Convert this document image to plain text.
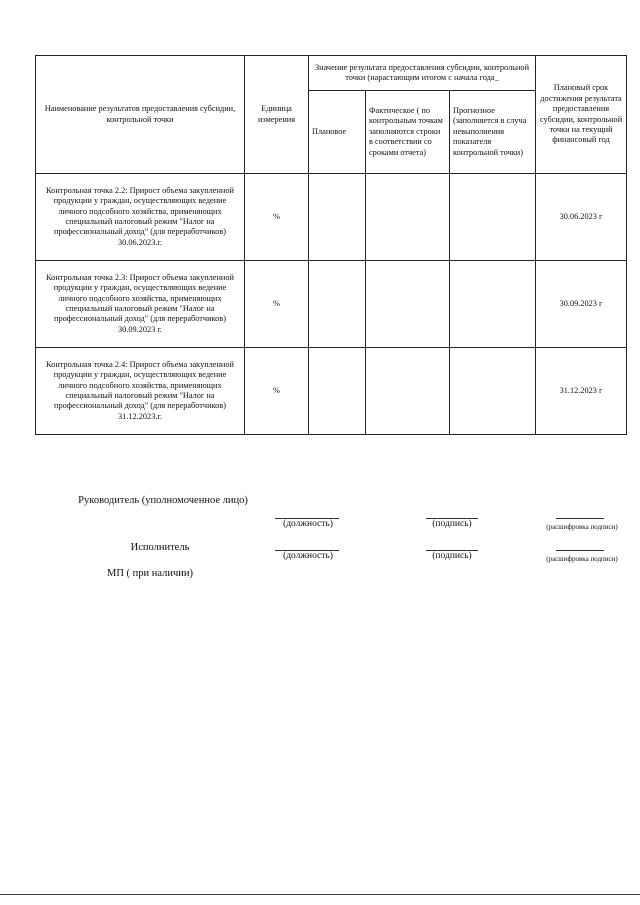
Наименование результатов предоставления субсидии, контрольной точки	Единица измерения	Значение результата предоставления субсидии, контрольной точки (нарастающим итогом с начала года_			Плановый срок достижения результата предоставления субсидии, контрольной точки на текущий финансовый год
		Плановое	Фактическое ( по контрольным точкам заполняются строки в соответствии со сроками отчета)	Прогнозное (заполняется в случа невыполнения показателя контрольной точки)	
Контрольная точка 2.2: Прирост объема закупленной продукции у граждан, осуществляющих ведение личного подсобного хозяйства, применяющих специальный налоговый режим "Налог на профессиональный доход" (для переработчиков) 30.06.2023.г.	%				30.06.2023 г
Контрольная точка 2.3: Прирост объема закупленной продукции у граждан, осуществляющих ведение личного подсобного хозяйства, применяющих специальный налоговый режим "Налог на профессиональный доход" (для переработчиков) 30.09.2023 г.	%				30.09.2023 г
Контрольная точка 2.4: Прирост объема закупленной продукции у граждан, осуществляющих ведение личного подсобного хозяйства, применяющих специальный налоговый режим "Налог на профессиональный доход" (для переработчиков) 31.12.2023.г.	%				31.12.2023 г
Руководитель (уполномоченное лицо)
(должность)	(подпись)	(расшифровка подписи)
Исполнитель
(должность)	(подпись)	(расшифровка подписи)
МП ( при наличии)
